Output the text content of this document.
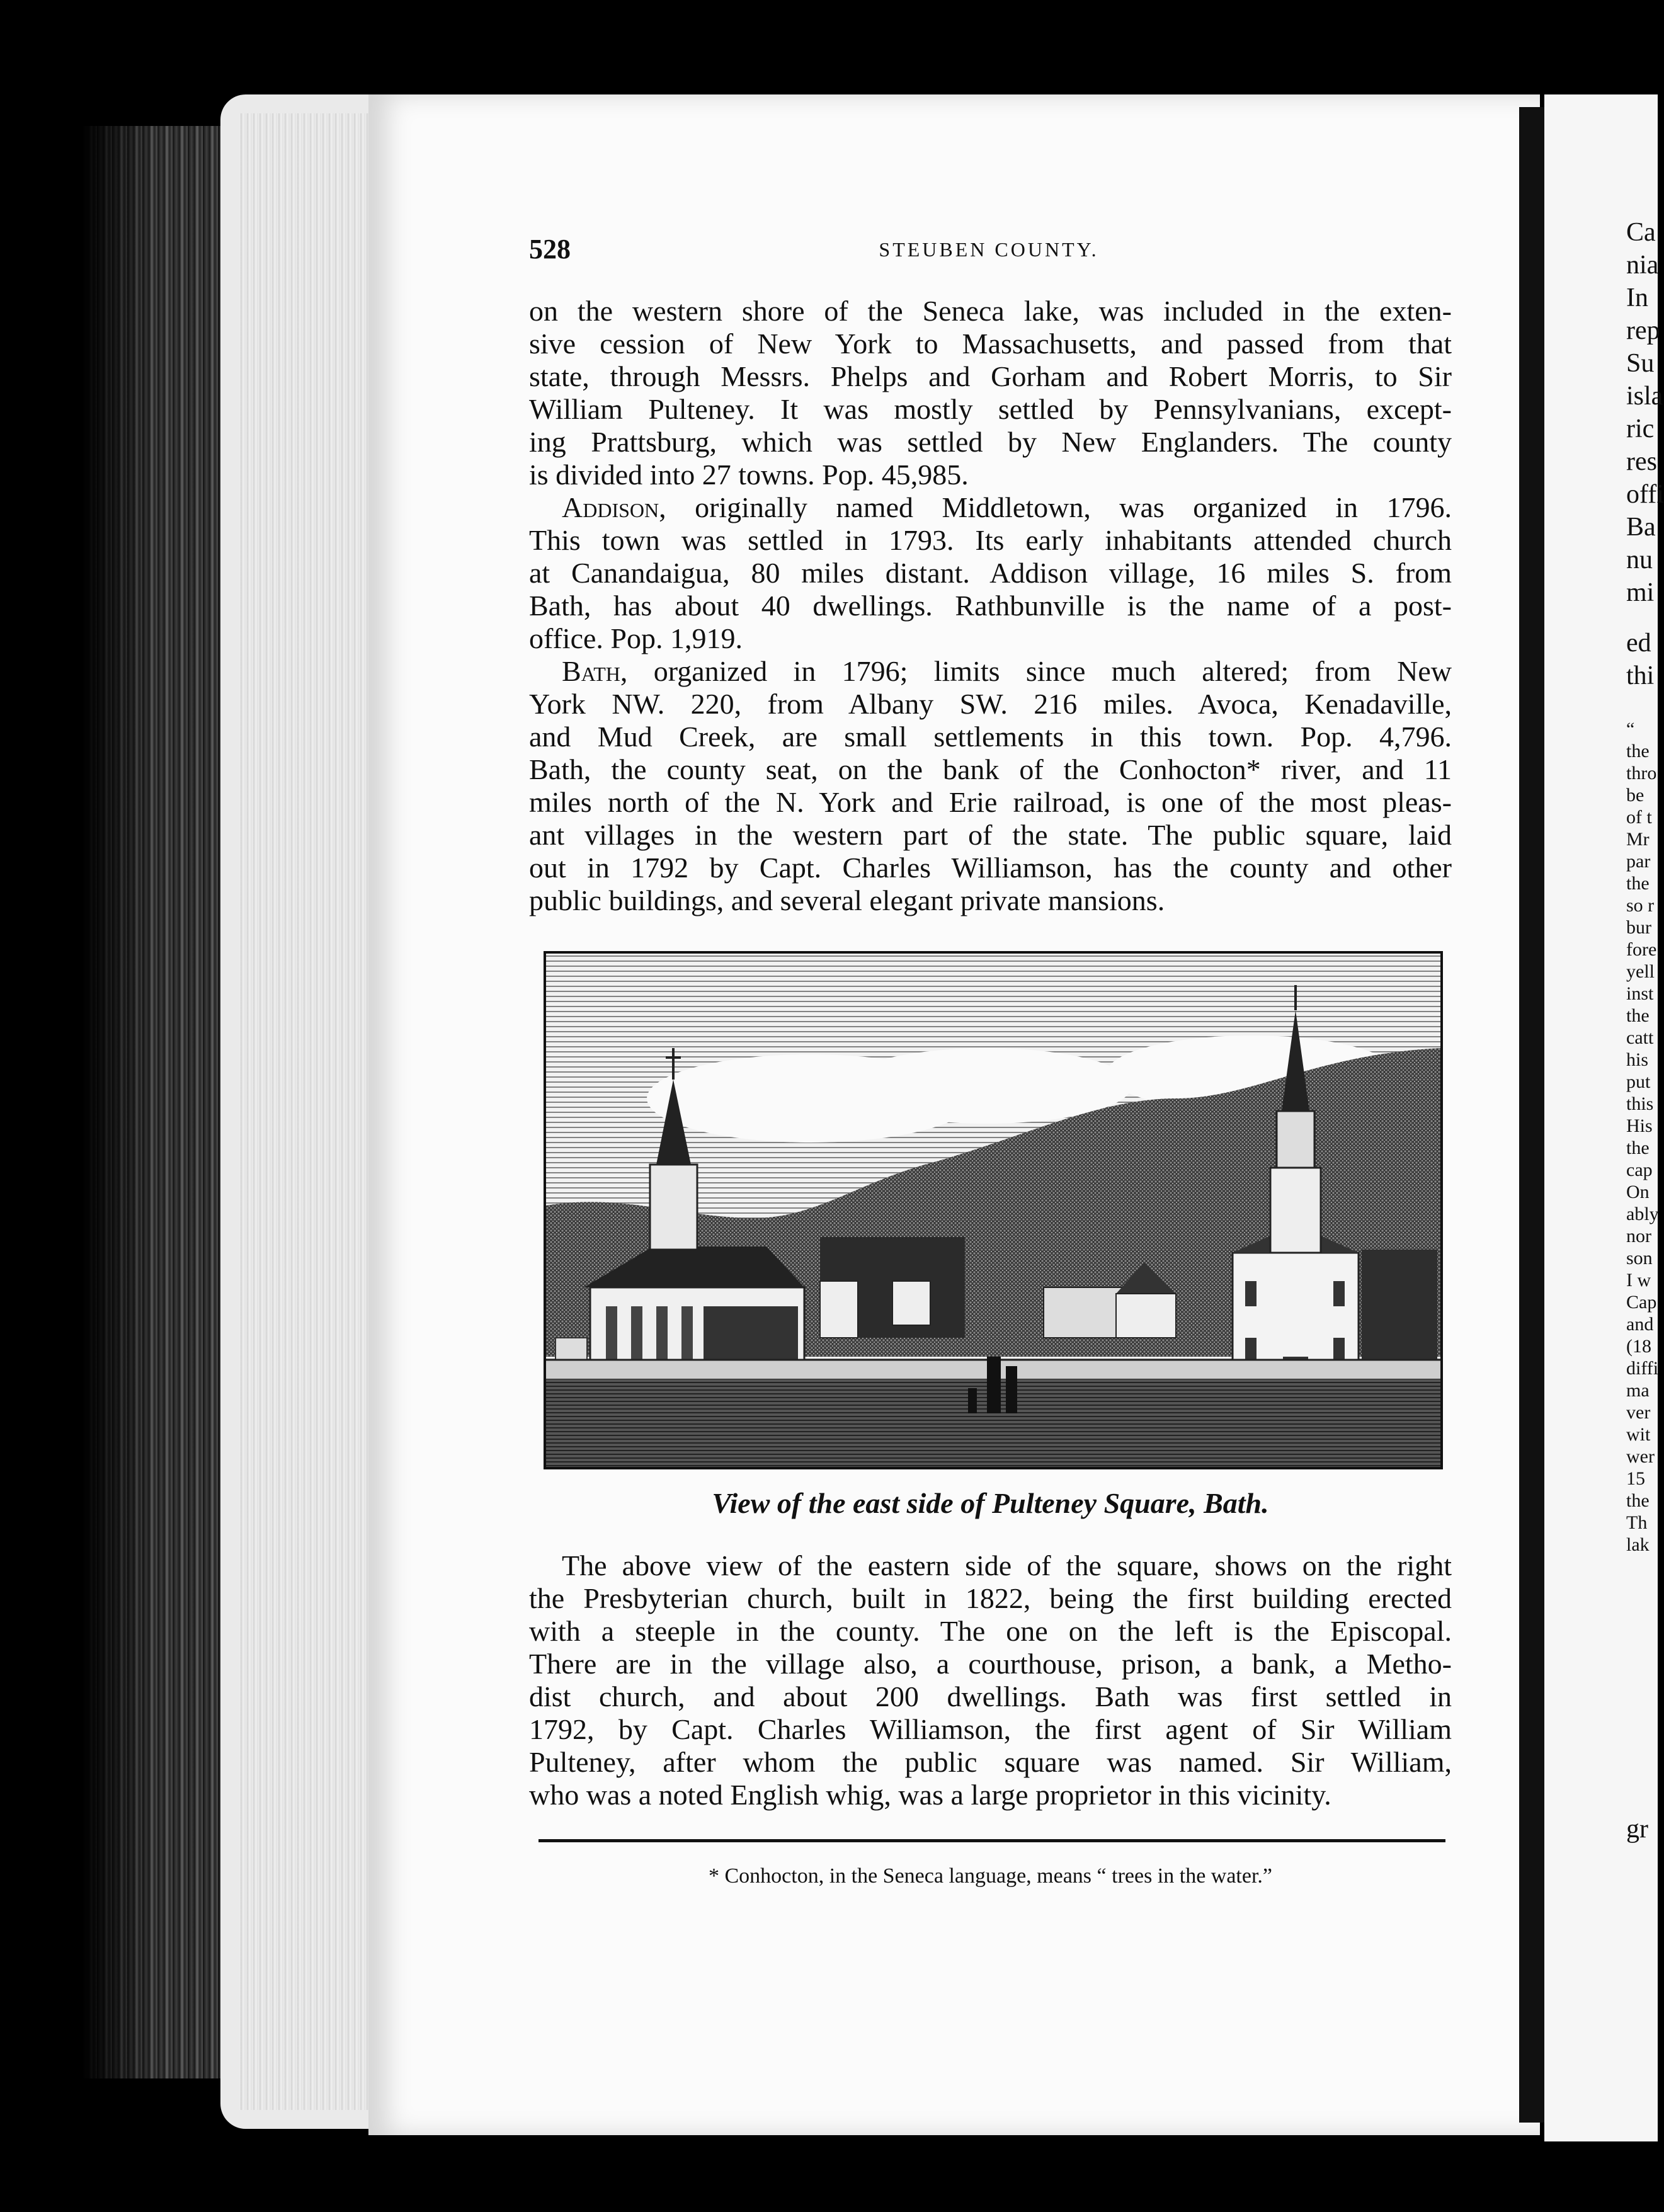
528	STEUBEN COUNTY.

on the western shore of the Seneca lake, was included in the exten-

sive cession of New York to Massachusetts, and passed from that

state, through Messrs. Phelps and Gorham and Robert Morris, to Sir

William Pulteney. It was mostly settled by Pennsylvanians, except-

ing Prattsburg, which was settled by New Englanders. The county

is divided into 27 towns. Pop. 45,985.

Addison, originally named Middletown, was organized in 1796.

This town was settled in 1793. Its early inhabitants attended church

at Canandaigua, 80 miles distant. Addison village, 16 miles S. from

Bath, has about 40 dwellings. Rathbunville is the name of a post-

office. Pop. 1,919.

Bath, organized in 1796; limits since much altered; from New

York NW. 220, from Albany SW. 216 miles. Avoca, Kenadaville,

and Mud Creek, are small settlements in this town. Pop. 4,796.

Bath, the county seat, on the bank of the Conhocton* river, and 11

miles north of the N. York and Erie railroad, is one of the most pleas-

ant villages in the western part of the state. The public square, laid

out in 1792 by Capt. Charles Williamson, has the county and other

public buildings, and several elegant private mansions.

View of the east side of Pulteney Square, Bath.

The above view of the eastern side of the square, shows on the right

the Presbyterian church, built in 1822, being the first building erected

with a steeple in the county. The one on the left is the Episcopal.

There are in the village also, a courthouse, prison, a bank, a Metho-

dist church, and about 200 dwellings. Bath was first settled in

1792, by Capt. Charles Williamson, the first agent of Sir William

Pulteney, after whom the public square was named. Sir William,

who was a noted English whig, was a large proprietor in this vicinity.

* Conhocton, in the Seneca language, means “ trees in the water.”
Ca
nia
In
rep
Su
isla
ric
res
offi
Ba
nu
mi
ed
thi
“
the
thro
be
of t
Mr
par
the
so r
bur
fore
yell
inst
the
catt
his
put
this
His
the
cap
On
ably
nor
son
I w
Cap
and
(18
diffi
ma
ver
wit
wer
15
the
Th
lak
gr
